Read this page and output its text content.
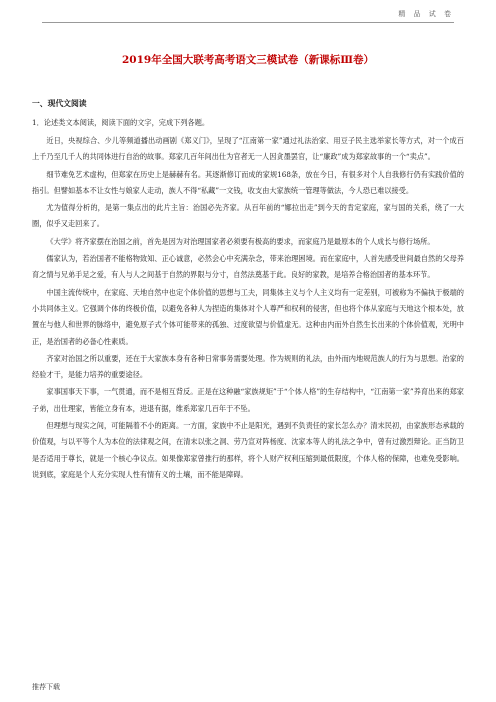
精 品 试 卷
2019年全国大联考高考语文三模试卷（新课标Ⅲ卷）
一、现代文阅读
1．论述类文本阅读，阅读下面的文字，完成下列各题。
近日，央视综合、少儿等频道播出动画剧《郑义门》，呈现了“江南第一家”通过礼法治家、用豆子民主选举家长等方式，对一个成百上千乃至几千人的共同体进行自治的故事。郑家几百年间出仕为官者无一人因贪墨罢官，让“廉政”成为郑家故事的一个“卖点”。
细节难免艺术虚构，但郑家在历史上是赫赫有名。其逐渐修订而成的家规168条，放在今日，有很多对个人自我修行仍有实践价值的指引。但譬如基本不让女性与娘家人走动，族人不得“私藏”一文钱，收支由大家族统一管理等做法，今人恐已难以接受。
尤为值得分析的，是第一集点出的此片主旨：治国必先齐家。从百年前的“娜拉出走”到今天的肯定家庭，家与国的关系，绕了一大圈，似乎又走回来了。
《大学》将齐家摆在治国之前，首先是因为对治理国家者必须要有极高的要求，而家庭乃是最原本的个人成长与修行场所。
儒家认为，若治国者不能格物致知、正心诚意，必然会心中充满杂念，带来治理困境。而在家庭中，人首先感受世间最自然的父母养育之情与兄弟手足之爱，有人与人之间基于自然的界限与分寸，自然法奠基于此。良好的家教，是培养合格治国者的基本环节。
中国主流传统中，在家庭、天地自然中也定个体价值的思想与工夫，同集体主义与个人主义均有一定差别，可被称为不偏执于极端的小共同体主义。它强调个体的终极价值，以避免各种人为捏造的集体对个人尊严和权利的侵害，但也将个体从家庭与天地这个根本处，放置在与他人和世界的脉络中，避免原子式个体可能带来的孤独、过度欲望与价值虚无。这种由内而外自然生长出来的个体价值观，光明中正，是治国者的必备心性素质。
齐家对治国之所以重要，还在于大家族本身有各种日常事务需要处理。作为规则的礼法，由外而内地规范族人的行为与思想。治家的经验才干，是能力培养的重要途径。
家事国事天下事，一气贯通，而不是相互背反。正是在这种融“家族规矩”于“个体人格”的生存结构中，“江南第一家”养育出来的郑家子弟，出仕理家，皆能立身有本，进退有据，维系郑家几百年于不坠。
但理想与现实之间，可能隔着不小的距离。一方面，家族中不止是阳光，遇到不负责任的家长怎么办？清末民初，由家族形态承载的价值观，与以平等个人为本位的法律观之间，在清末以张之洞、劳乃宣对阵杨度、沈家本等人的礼法之争中，曾有过激烈辩论。正当防卫是否适用于尊长，就是一个核心争议点。如果像郑家曾推行的那样，将个人财产权利压缩到最低限度，个体人格的保障，也难免受影响。说到底，家庭是个人充分实现人性有情有义的土壤，而不能是障碍。
推荐下载
